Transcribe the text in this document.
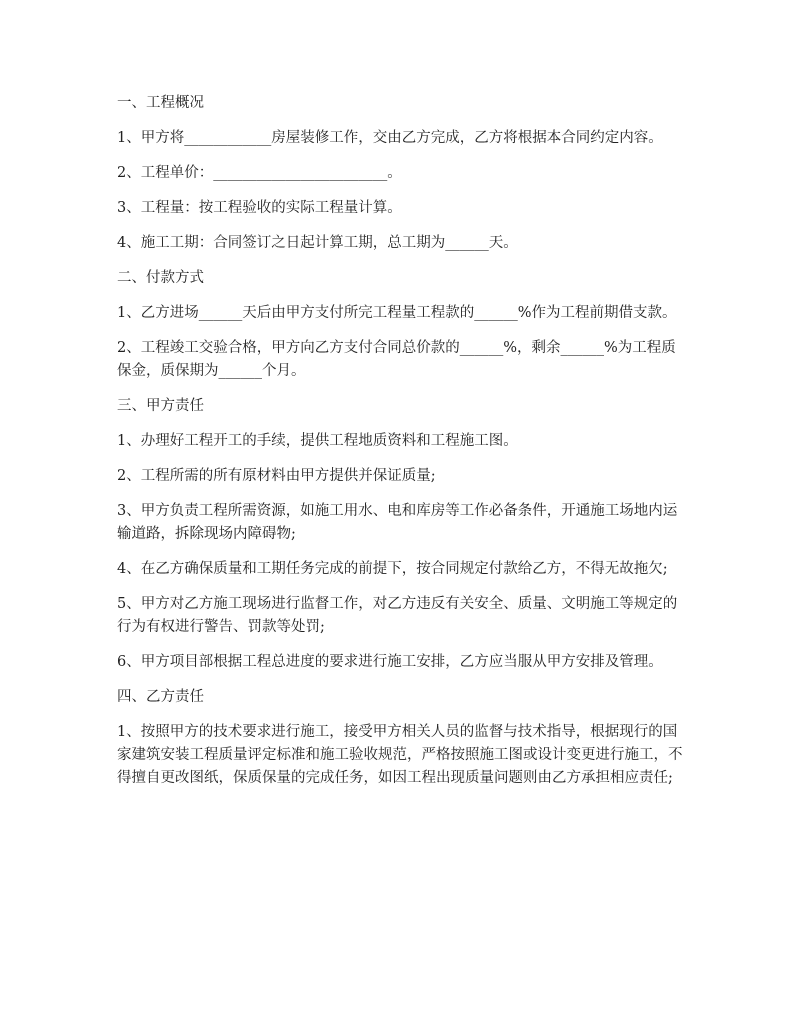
一、工程概况

1、甲方将____________房屋装修工作，交由乙方完成，乙方将根据本合同约定内容。

2、工程单价：________________________。

3、工程量：按工程验收的实际工程量计算。

4、施工工期：合同签订之日起计算工期，总工期为______天。

二、付款方式

1、乙方进场______天后由甲方支付所完工程量工程款的______%作为工程前期借支款。

2、工程竣工交验合格，甲方向乙方支付合同总价款的______%，剩余______%为工程质保金，质保期为______个月。

三、甲方责任

1、办理好工程开工的手续，提供工程地质资料和工程施工图。

2、工程所需的所有原材料由甲方提供并保证质量;

3、甲方负责工程所需资源，如施工用水、电和库房等工作必备条件，开通施工场地内运输道路，拆除现场内障碍物;

4、在乙方确保质量和工期任务完成的前提下，按合同规定付款给乙方，不得无故拖欠;

5、甲方对乙方施工现场进行监督工作，对乙方违反有关安全、质量、文明施工等规定的行为有权进行警告、罚款等处罚;

6、甲方项目部根据工程总进度的要求进行施工安排，乙方应当服从甲方安排及管理。

四、乙方责任

1、按照甲方的技术要求进行施工，接受甲方相关人员的监督与技术指导，根据现行的国家建筑安装工程质量评定标准和施工验收规范，严格按照施工图或设计变更进行施工，不得擅自更改图纸，保质保量的完成任务，如因工程出现质量问题则由乙方承担相应责任;
